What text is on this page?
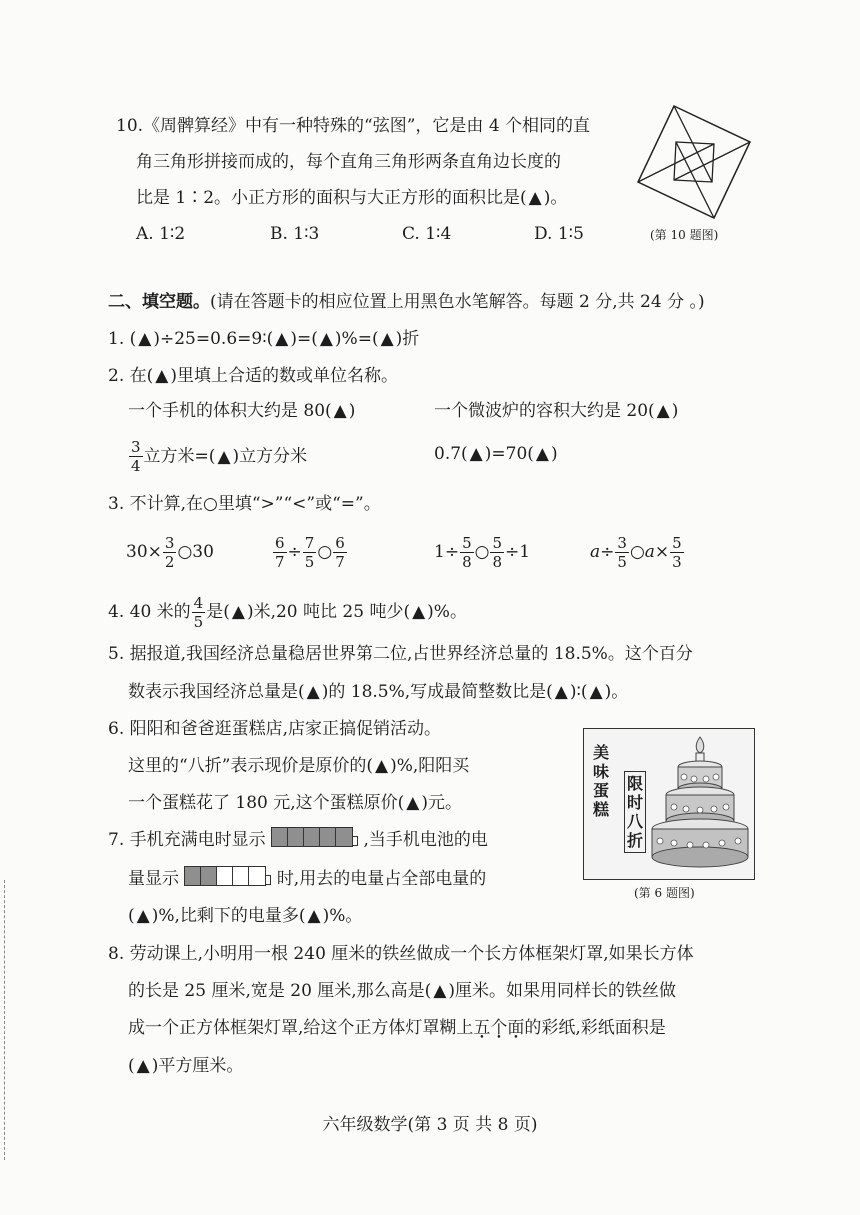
10.《周髀算经》中有一种特殊的“弦图”，它是由 4 个相同的直
角三角形拼接而成的，每个直角三角形两条直角边长度的
比是 1∶2。小正方形的面积与大正方形的面积比是( ▲ )。
A. 1∶2	B. 1∶3	C. 1∶4	D. 1∶5	(第 10 题图)
二、填空题。(请在答题卡的相应位置上用黑色水笔解答。每题 2 分,共 24 分 。)
1. ( ▲ )÷25=0.6=9∶( ▲ )=( ▲ )%=( ▲ )折
2. 在( ▲ )里填上合适的数或单位名称。
一个手机的体积大约是 80( ▲ )	一个微波炉的容积大约是 20( ▲ )
$\frac{3}{4}$ 立方米=( ▲ )立方分米	0.7( ▲ )=70( ▲ )
3. 不计算,在○里填“>”“<”或“=”。
$30\times \frac{3}{2}$ ○30	$\frac{6}{7} \div \frac{7}{5}$ ○ $\frac{6}{7}$	$1\div \frac{5}{8}$ ○ $\frac{5}{8} \div 1$	$a\div \frac{3}{5}$ ○a× $\frac{5}{3}$
4. 40 米的 $\frac{4}{5}$ 是( ▲ )米,20 吨比 25 吨少( ▲ )%。
5. 据报道,我国经济总量稳居世界第二位,占世界经济总量的 18.5%。这个百分
数表示我国经济总量是( ▲ )的 18.5%,写成最简整数比是( ▲ )∶( ▲ )。
6. 阳阳和爸爸逛蛋糕店,店家正搞促销活动。
这里的“八折”表示现价是原价的( ▲ )%,阳阳买
一个蛋糕花了 180 元,这个蛋糕原价( ▲ )元。
美味蛋糕
限时八折
(第 6 题图)
7. 手机充满电时显示	,当手机电池的电
量显示	时,用去的电量占全部电量的
( ▲ )%,比剩下的电量多( ▲ )%。
8. 劳动课上,小明用一根 240 厘米的铁丝做成一个长方体框架灯罩,如果长方体
的长是 25 厘米,宽是 20 厘米,那么高是( ▲ )厘米。如果用同样长的铁丝做
成一个正方体框架灯罩,给这个正方体灯罩糊上五个面的彩纸,彩纸面积是
( ▲ )平方厘米。
六年级数学(第 3 页 共 8 页)
